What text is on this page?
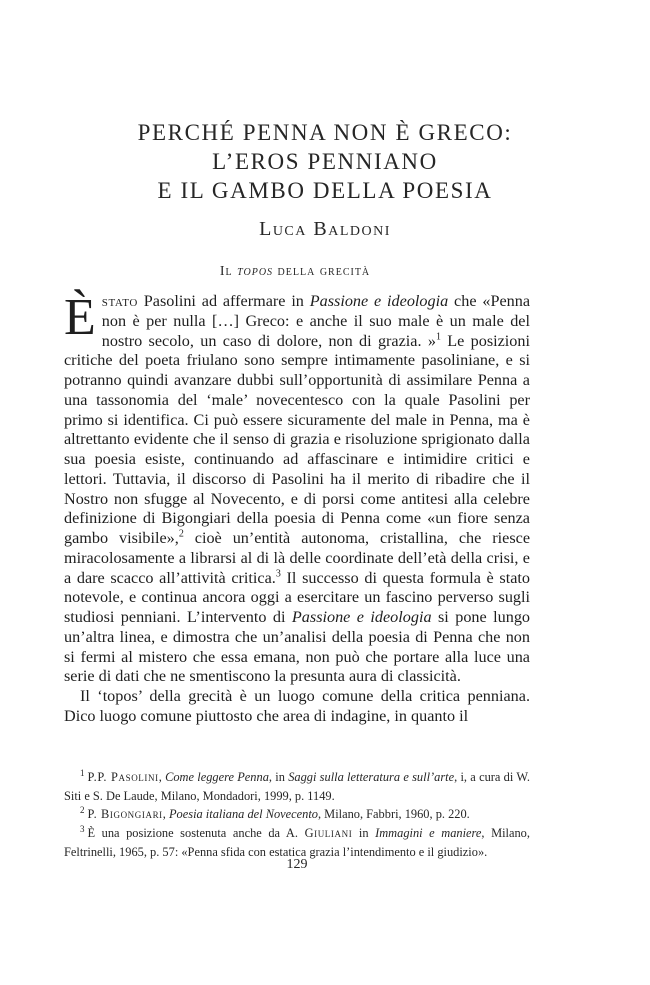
PERCHÉ PENNA NON È GRECO:
L’EROS PENNIANO
E IL GAMBO DELLA POESIA
Luca Baldoni
Il topos della grecità

Èstato Pasolini ad affermare in Passione e ideologia che «Penna non è per nulla […] Greco: e anche il suo male è un male del nostro secolo, un caso di dolore, non di grazia. »$^1$ Le posizioni critiche del poeta friulano sono sempre intimamente pasoliniane, e si potranno quindi avanzare dubbi sull’opportunità di assimilare Penna a una tassonomia del ‘male’ novecentesco con la quale Pasolini per primo si identifica. Ci può essere sicuramente del male in Penna, ma è altrettanto evidente che il senso di grazia e risoluzione sprigionato dalla sua poesia esiste, continuando ad affascinare e intimidire critici e lettori. Tuttavia, il discorso di Pasolini ha il merito di ribadire che il Nostro non sfugge al Novecento, e di porsi come antitesi alla celebre definizione di Bigongiari della poesia di Penna come «un fiore senza gambo visibile»,$^2$ cioè un’entità autonoma, cristallina, che riesce miracolosamente a librarsi al di là delle coordinate dell’età della crisi, e a dare scacco all’attività critica.$^3$ Il successo di questa formula è stato notevole, e continua ancora oggi a esercitare un fascino perverso sugli studiosi penniani. L’intervento di Passione e ideologia si pone lungo un’altra linea, e dimostra che un’analisi della poesia di Penna che non si fermi al mistero che essa emana, non può che portare alla luce una serie di dati che ne smentiscono la presunta aura di classicità.

Il ‘topos’ della grecità è un luogo comune della critica penniana. Dico luogo comune piuttosto che area di indagine, in quanto il

$^1$ P.P. Pasolini, Come leggere Penna, in Saggi sulla letteratura e sull’arte, i, a cura di W. Siti e S. De Laude, Milano, Mondadori, 1999, p. 1149.

$^2$ P. Bigongiari, Poesia italiana del Novecento, Milano, Fabbri, 1960, p. 220.

$^3$ È una posizione sostenuta anche da A. Giuliani in Immagini e maniere, Milano, Feltrinelli, 1965, p. 57: «Penna sfida con estatica grazia l’intendimento e il giudizio».

129
